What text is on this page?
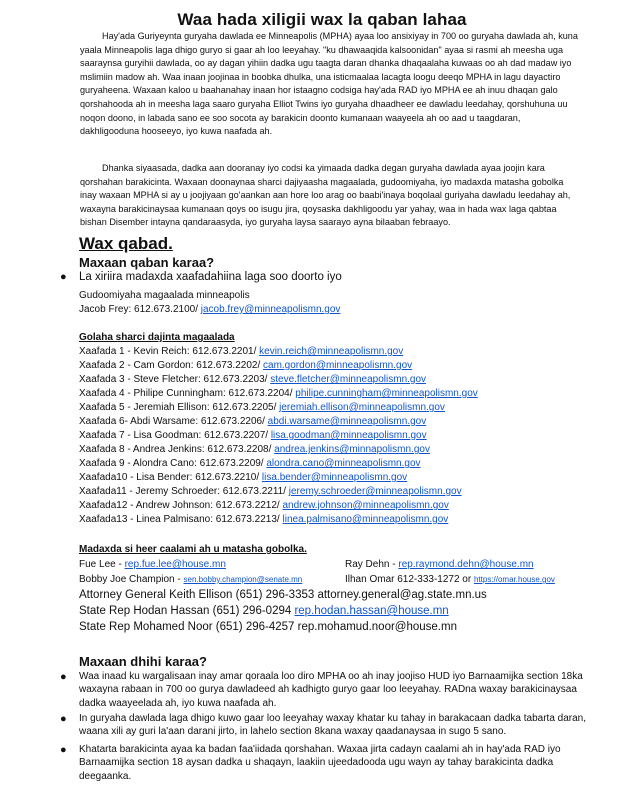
Waa hada xiligii wax la qaban lahaa

Hay'ada Guriyeynta guryaha dawlada ee Minneapolis (MPHA) ayaa loo ansixiyay in 700 oo guryaha dawlada ah, kuna yaala Minneapolis laga dhigo guryo si gaar ah loo leeyahay. "ku dhawaaqida kalsoonidan" ayaa si rasmi ah meesha uga saaraynsa guryihii dawlada, oo ay dagan yihiin dadka ugu taagta daran dhanka dhaqaalaha kuwaas oo ah dad madaw iyo mslimiin madow ah. Waa inaan joojinaa in boobka dhulka, una isticmaalaa lacagta loogu deeqo MPHA in lagu dayactiro guryaheena. Waxaan kaloo u baahanahay inaan hor istaagno codsiga hay'ada RAD iyo MPHA ee ah inuu dhaqan galo qorshahooda ah in meesha laga saaro guryaha Elliot Twins iyo guryaha dhaadheer ee dawladu leedahay, qorshuhuna uu noqon doono, in labada sano ee soo socota ay barakicin doonto kumanaan waayeela ah oo aad u taagdaran, dakhligooduna hooseeyo, iyo kuwa naafada ah.

Dhanka siyaasada, dadka aan dooranay iyo codsi ka yimaada dadka degan guryaha dawlada ayaa joojin kara qorshahan barakicinta. Waxaan doonaynaa sharci dajiyaasha magaalada, gudoomiyaha, iyo madaxda matasha gobolka inay waxaan MPHA si ay u joojiyaan go'aankan aan hore loo arag oo baabi'inaya boqolaal guriyaha dawladu leedahay ah, waxayna barakicinaysaa kumanaan qoys oo isugu jira, qoysaska dakhligoodu yar yahay, waa in hada wax laga qabtaa bishan Disember intayna qandaraasyda, iyo guryaha laysa saarayo ayna bilaaban febraayo.

Wax qabad.
Maxaan qaban karaa?
● La xiriira madaxda xaafadahiina laga soo doorto iyo
Gudoomiyaha magaalada minneapolis
Jacob Frey: 612.673.2100/ jacob.frey@minneapolismn.gov
Golaha sharci dajinta magaalada
Xaafada 1 - Kevin Reich: 612.673.2201/ kevin.reich@minneapolismn.gov
Xaafada 2 - Cam Gordon: 612.673.2202/ cam.gordon@minneapolismn.gov
Xaafada 3 - Steve Fletcher: 612.673.2203/ steve.fletcher@minneapolismn.gov
Xaafada 4 - Philipe Cunningham: 612.673.2204/ philipe.cunningham@minneapolismn.gov
Xaafada 5 - Jeremiah Ellison: 612.673.2205/ jeremiah.ellison@minneapolismn.gov
Xaafada 6- Abdi Warsame: 612.673.2206/ abdi.warsame@minneapolismn.gov
Xaafada 7 - Lisa Goodman: 612.673.2207/ lisa.goodman@minneapolismn.gov
Xaafada 8 - Andrea Jenkins: 612.673.2208/ andrea.jenkins@minnapolismn.gov
Xaafada 9 - Alondra Cano: 612.673.2209/ alondra.cano@minneapolismn.gov
Xaafada10 - Lisa Bender: 612.673.2210/ lisa.bender@minneapolismn.gov
Xaafada11 - Jeremy Schroeder: 612.673.2211/ jeremy.schroeder@minneapolismn.gov
Xaafada12 - Andrew Johnson: 612.673.2212/ andrew.johnson@minneapolismn.gov
Xaafada13 - Linea Palmisano: 612.673.2213/ linea.palmisano@minneapolismn.gov
Madaxda si heer caalami ah u matasha gobolka.
Fue Lee - rep.fue.lee@house.mn	Ray Dehn - rep.raymond.dehn@house.mn
Bobby Joe Champion - sen.bobby.champion@senate.mn	Ilhan Omar 612-333-1272 or https://omar.house.gov
Attorney General Keith Ellison (651) 296-3353 attorney.general@ag.state.mn.us
State Rep Hodan Hassan (651) 296-0294 rep.hodan.hassan@house.mn
State Rep Mohamed Noor (651) 296-4257 rep.mohamud.noor@house.mn
Maxaan dhihi karaa?
● Waa inaad ku wargalisaan inay amar qoraala loo diro MPHA oo ah inay joojiso HUD iyo Barnaamijka section 18ka waxayna rabaan in 700 oo gurya dawladeed ah kadhigto guryo gaar loo leeyahay. RADna waxay barakicinaysaa dadka waayeelada ah, iyo kuwa naafada ah.

● In guryaha dawlada laga dhigo kuwo gaar loo leeyahay waxay khatar ku tahay in barakacaan dadka tabarta daran, waana xili ay guri la'aan darani jirto, in lahelo section 8kana waxay qaadanaysaa in sugo 5 sano.

● Khatarta barakicinta ayaa ka badan faa'iidada qorshahan. Waxaa jirta cadayn caalami ah in hay'ada RAD iyo Barnaamijka section 18 aysan dadka u shaqayn, laakiin ujeedadooda ugu wayn ay tahay barakicinta dadka deegaanka.
